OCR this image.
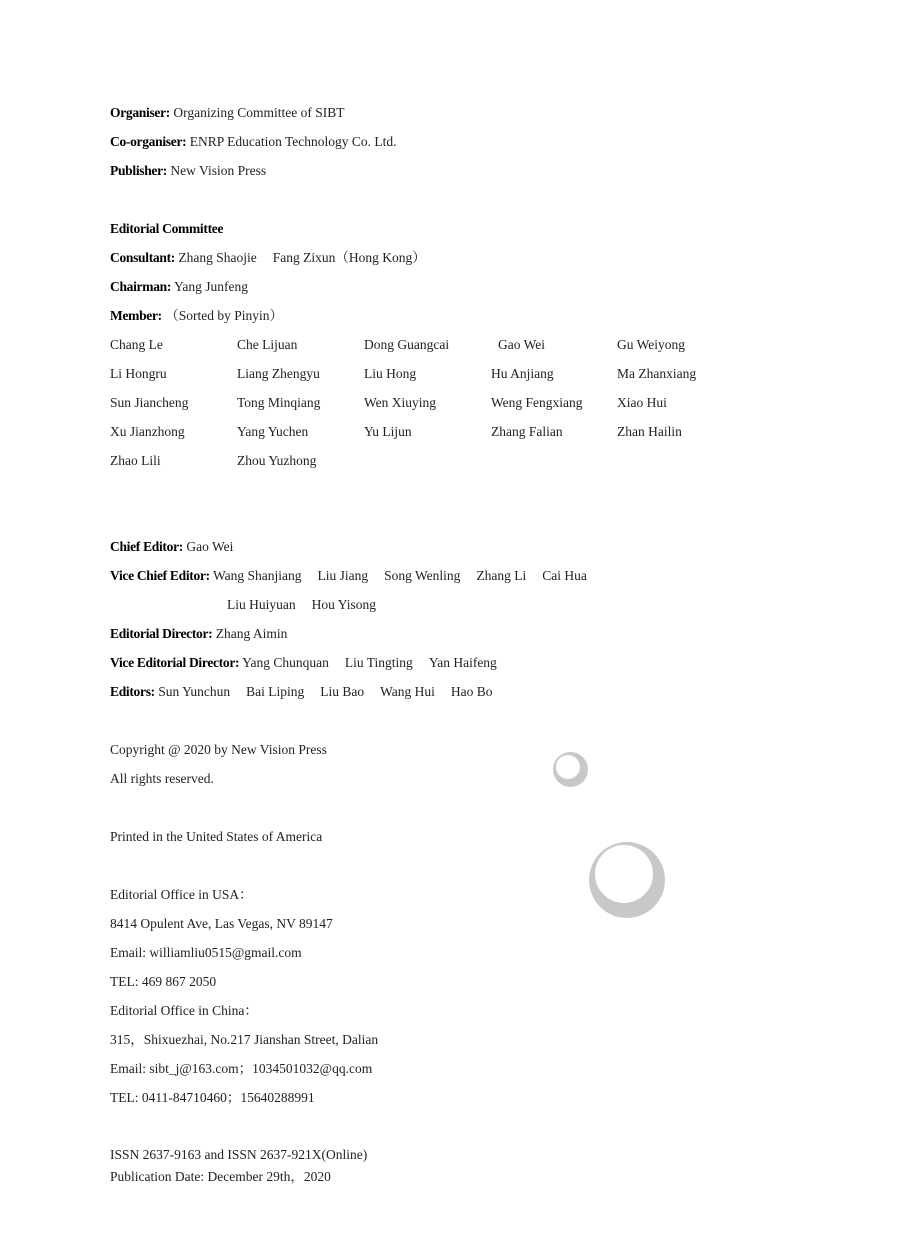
Organiser: Organizing Committee of SIBT
Co-organiser: ENRP Education Technology Co. Ltd.
Publisher: New Vision Press
Editorial Committee
Consultant: Zhang Shaojie Fang Zixun（Hong Kong）
Chairman: Yang Junfeng
Member: （Sorted by Pinyin）
Chang Le	Che Lijuan	Dong Guangcai	Gao Wei	Gu Weiyong
Li Hongru	Liang Zhengyu	Liu Hong	Hu Anjiang	Ma Zhanxiang
Sun Jiancheng	Tong Minqiang	Wen Xiuying	Weng Fengxiang	Xiao Hui
Xu Jianzhong	Yang Yuchen	Yu Lijun	Zhang Falian	Zhan Hailin
Zhao Lili	Zhou Yuzhong
Chief Editor: Gao Wei
Vice Chief Editor: Wang Shanjiang Liu Jiang Song Wenling Zhang Li Cai Hua
Liu Huiyuan Hou Yisong
Editorial Director: Zhang Aimin
Vice Editorial Director: Yang Chunquan Liu Tingting Yan Haifeng
Editors: Sun Yunchun Bai Liping Liu Bao Wang Hui Hao Bo
Copyright @ 2020 by New Vision Press
All rights reserved.
Printed in the United States of America
Editorial Office in USA：
8414 Opulent Ave, Las Vegas, NV 89147
Email: williamliu0515@gmail.com
TEL: 469 867 2050
Editorial Office in China：
315，Shixuezhai, No.217 Jianshan Street, Dalian
Email: sibt_j@163.com；1034501032@qq.com
TEL: 0411-84710460；15640288991
ISSN 2637-9163 and ISSN 2637-921X(Online)
Publication Date: December 29th，2020
